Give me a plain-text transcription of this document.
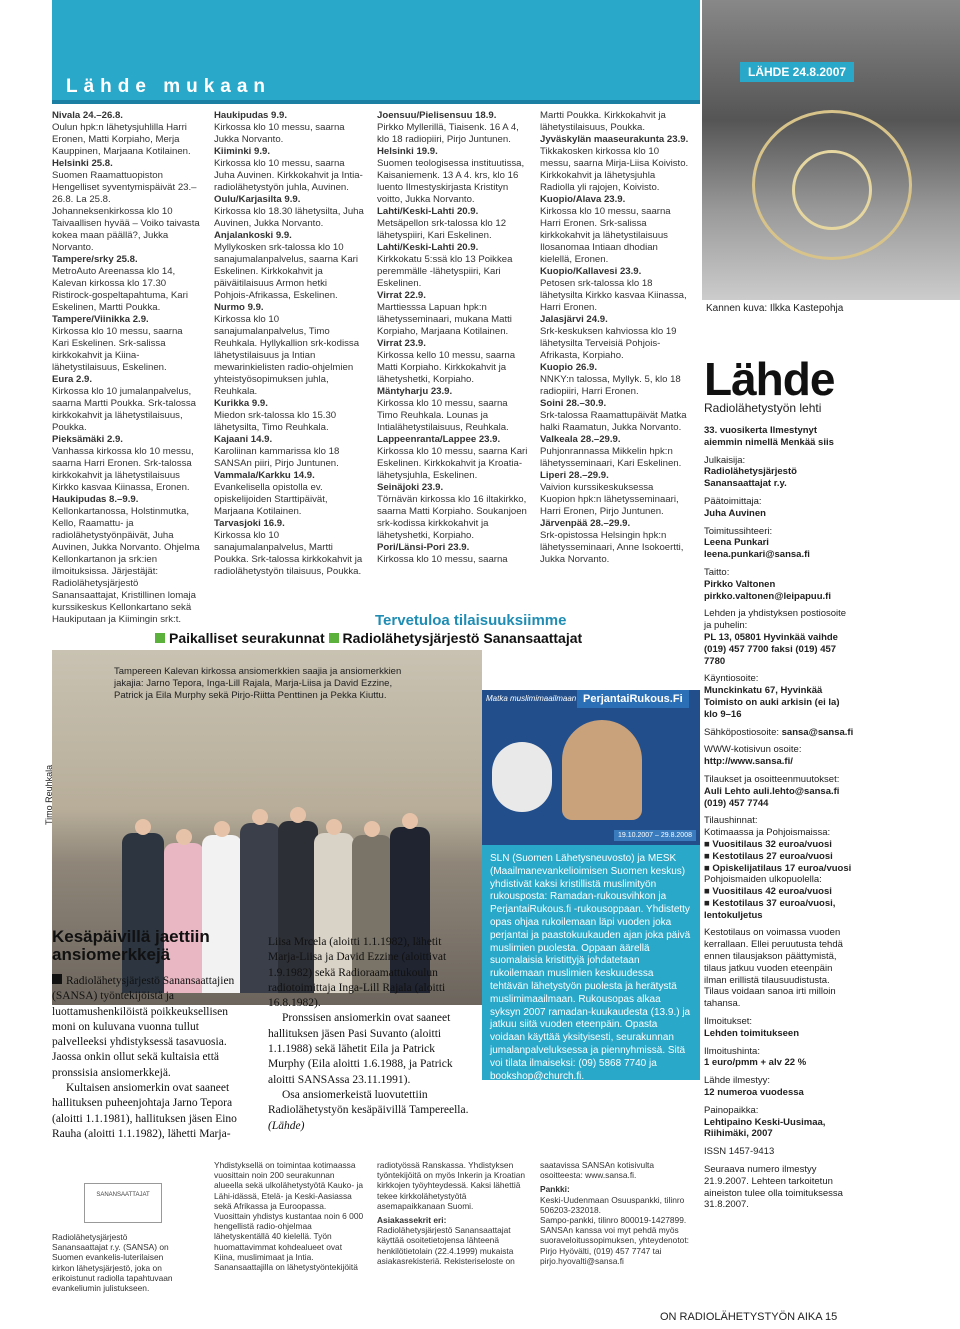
Lähde mukaan
LÄHDE 24.8.2007

Nivala 24.–26.8.
Oulun hpk:n lähetysjuhlilla Harri Eronen, Matti Korpiaho, Merja Kauppinen, Marjaana Kotilainen.

Helsinki 25.8.
Suomen Raamattuopiston Hengelliset syventymispäivät 23.–26.8. La 25.8. Johanneksenkirkossa klo 10 Taivaallisen hyvää – Voiko taivasta kokea maan päällä?, Jukka Norvanto.

Tampere/srky 25.8.
MetroAuto Areenassa klo 14, Kalevan kirkossa klo 17.30 Ristirock-gospeltapahtuma, Kari Eskelinen, Martti Poukka.

Tampere/Viinikka 2.9.
Kirkossa klo 10 messu, saarna Kari Eskelinen. Srk-salissa kirkkokahvit ja Kiina-lähetystilaisuus, Eskelinen.

Eura 2.9.
Kirkossa klo 10 jumalanpalvelus, saarna Martti Poukka. Srk-talossa kirkkokahvit ja lähetystilaisuus, Poukka.

Pieksämäki 2.9.
Vanhassa kirkossa klo 10 messu, saarna Harri Eronen. Srk-talossa kirkkokahvit ja lähetystilaisuus Kirkko kasvaa Kiinassa, Eronen.

Haukipudas 8.–9.9.
Kellonkartanossa, Holstinmutka, Kello, Raamattu- ja radiolähetystyönpäivät, Juha Auvinen, Jukka Norvanto. Ohjelma Kellonkartanon ja srk:ien ilmoituksissa. Järjestäjät: Radiolähetysjärjestö Sanansaattajat, Kristillinen lomaja kurssikeskus Kellonkartano sekä Haukiputaan ja Kiimingin srk:t.

Haukipudas 9.9.
Kirkossa klo 10 messu, saarna Jukka Norvanto.

Kiiminki 9.9.
Kirkossa klo 10 messu, saarna Juha Auvinen. Kirkkokahvit ja Intia-radiolähetystyön juhla, Auvinen.

Oulu/Karjasilta 9.9.
Kirkossa klo 18.30 lähetysilta, Juha Auvinen, Jukka Norvanto.

Anjalankoski 9.9.
Myllykosken srk-talossa klo 10 sanajumalanpalvelus, saarna Kari Eskelinen. Kirkkokahvit ja päiväitilaisuus Armon hetki Pohjois-Afrikassa, Eskelinen.

Nurmo 9.9.
Kirkossa klo 10 sanajumalanpalvelus, Timo Reuhkala. Hyllykallion srk-kodissa lähetystilaisuus ja Intian mewarinkielisten radio-ohjelmien yhteistyösopimuksen juhla, Reuhkala.

Kurikka 9.9.
Miedon srk-talossa klo 15.30 lähetysilta, Timo Reuhkala.

Kajaani 14.9.
Karoliinan kammarissa klo 18 SANSAn piiri, Pirjo Juntunen.

Vammala/Karkku 14.9.
Evankelisella opistolla ev. opiskelijoiden Starttipäivät, Marjaana Kotilainen.

Tarvasjoki 16.9.
Kirkossa klo 10 sanajumalanpalvelus, Martti Poukka. Srk-talossa kirkkokahvit ja radiolähetystyön tilaisuus, Poukka.

Joensuu/Pielisensuu 18.9.
Pirkko Myllerillä, Tiaisenk. 16 A 4, klo 18 radiopiiri, Pirjo Juntunen.

Helsinki 19.9.
Suomen teologisessa instituutissa, Kaisaniemenk. 13 A 4. krs, klo 16 luento Ilmestyskirjasta Kristityn voitto, Jukka Norvanto.

Lahti/Keski-Lahti 20.9.
Metsäpellon srk-talossa klo 12 lähetyspiiri, Kari Eskelinen.

Lahti/Keski-Lahti 20.9.
Kirkkokatu 5:ssä klo 13 Poikkea peremmälle -lähetyspiiri, Kari Eskelinen.

Virrat 22.9.
Marttiesssa Lapuan hpk:n lähetysseminaari, mukana Matti Korpiaho, Marjaana Kotilainen.

Virrat 23.9.
Kirkossa kello 10 messu, saarna Matti Korpiaho. Kirkkokahvit ja lähetyshetki, Korpiaho.

Mäntyharju 23.9.
Kirkossa klo 10 messu, saarna Timo Reuhkala. Lounas ja Intialähetystilaisuus, Reuhkala.

Lappeenranta/Lappee 23.9.
Kirkossa klo 10 messu, saarna Kari Eskelinen. Kirkkokahvit ja Kroatia-lähetysjuhla, Eskelinen.

Seinäjoki 23.9.
Törnävän kirkossa klo 16 iltakirkko, saarna Matti Korpiaho. Soukanjoen srk-kodissa kirkkokahvit ja lähetyshetki, Korpiaho.

Pori/Länsi-Pori 23.9.
Kirkossa klo 10 messu, saarna

Martti Poukka. Kirkkokahvit ja lähetystilaisuus, Poukka.

Jyväskylän maaseurakunta 23.9.
Tikkakosken kirkossa klo 10 messu, saarna Mirja-Liisa Koivisto. Kirkkokahvit ja lähetysjuhla Radiolla yli rajojen, Koivisto.

Kuopio/Alava 23.9.
Kirkossa klo 10 messu, saarna Harri Eronen. Srk-salissa kirkkokahvit ja lähetystilaisuus Ilosanomaa Intiaan dhodian kielellä, Eronen.

Kuopio/Kallavesi 23.9.
Petosen srk-talossa klo 18 lähetysilta Kirkko kasvaa Kiinassa, Harri Eronen.

Jalasjärvi 24.9.
Srk-keskuksen kahviossa klo 19 lähetysilta Terveisiä Pohjois-Afrikasta, Korpiaho.

Kuopio 26.9.
NNKY:n talossa, Myllyk. 5, klo 18 radiopiiri, Harri Eronen.

Soini 28.–30.9.
Srk-talossa Raamattupäivät Matka halki Raamatun, Jukka Norvanto.

Valkeala 28.–29.9.
Puhjonrannassa Mikkelin hpk:n lähetysseminaari, Kari Eskelinen.

Liperi 28.–29.9.
Vaivion kurssikeskuksessa Kuopion hpk:n lähetysseminaari, Harri Eronen, Pirjo Juntunen.

Järvenpää 28.–29.9.
Srk-opistossa Helsingin hpk:n lähetysseminaari, Anne Isokoertti, Jukka Norvanto.

Tervetuloa tilaisuuksiimme
Paikalliset seurakunnat Radiolähetysjärjestö Sanansaattajat
Tampereen Kalevan kirkossa ansiomerkkien saajia ja ansiomerkkien jakajia: Jarno Tepora, Inga-Lill Rajala, Marja-Liisa ja David Ezzine, Patrick ja Eila Murphy sekä Pirjo-Riitta Penttinen ja Pekka Kiuttu.
Timo Reuhkala
Matka muslimimaailmaan PerjantaiRukous.Fi
19.10.2007 – 29.8.2008
SLN (Suomen Lähetysneuvosto) ja MESK (Maailmanevankelioimisen Suomen keskus) yhdistivät kaksi kristillistä muslimityön rukousposta: Ramadan-rukousvihkon ja PerjantaiRukous.fi -rukousoppaan. Yhdistetty opas ohjaa rukoilemaan läpi vuoden joka perjantai ja paastokuukauden ajan joka päivä muslimien puolesta. Oppaan äärellä suomalaisia kristittyjä johdatetaan rukoilemaan muslimien keskuudessa tehtävän lähetystyön puolesta ja herätystä muslimimaailmaan. Rukousopas alkaa syksyn 2007 ramadan-kuukaudesta (13.9.) ja jatkuu siitä vuoden eteenpäin. Opasta voidaan käyttää yksityisesti, seurakunnan jumalanpalveluksessa ja piennyhmissä. Sitä voi tilata ilmaiseksi: (09) 5868 7740 ja bookshop@church.fi.
Kesäpäivillä jaettiin ansiomerkkejä

Radiolähetysjärjestö Sanansaattajien (SANSA) työntekijöistä ja luottamushenkilöistä poikkeuksellisen moni on kuluvana vuonna tullut palvelleeksi yhdistyksessä tasavuosia. Jaossa onkin ollut sekä kultaisia että pronssisia ansiomerkkejä.

Kultaisen ansiomerkin ovat saaneet hallituksen puheenjohtaja Jarno Tepora (aloitti 1.1.1981), hallituksen jäsen Eino Rauha (aloitti 1.1.1982), lähetti Marja-

Liisa Mrcela (aloitti 1.1.1982), lähetit Marja-Liisa ja David Ezzine (aloittivat 1.9.1982) sekä Radioraamattukoulun radiotoimittaja Inga-Lill Rajala (aloitti 16.8.1982).

Pronssisen ansiomerkin ovat saaneet hallituksen jäsen Pasi Suvanto (aloitti 1.1.1988) sekä lähetit Eila ja Patrick Murphy (Eila aloitti 1.6.1988, ja Patrick aloitti SANSAssa 23.11.1991).

Osa ansiomerkeistä luovutettiin Radiolähetystyön kesäpäivillä Tampereella.

(Lähde)

Kannen kuva: Ilkka Kastepohja
Lähde
Radiolähetystyön lehti
33. vuosikerta Ilmestynyt aiemmin nimellä Menkää siis
Julkaisija:
Radiolähetysjärjestö Sanansaattajat r.y.
Päätoimittaja:
Juha Auvinen
Toimitussihteeri:
Leena Punkari leena.punkari@sansa.fi
Taitto:
Pirkko Valtonen pirkko.valtonen@leipapuu.fi
Lehden ja yhdistyksen postiosoite ja puhelin:
PL 13, 05801 Hyvinkää vaihde (019) 457 7700 faksi (019) 457 7780
Käyntiosoite:
Munckinkatu 67, Hyvinkää Toimisto on auki arkisin (ei la) klo 9–16
Sähköpostiosoite: sansa@sansa.fi
WWW-kotisivun osoite:
http://www.sansa.fi/
Tilaukset ja osoitteenmuutokset:
Auli Lehto auli.lehto@sansa.fi (019) 457 7744
Tilaushinnat:
Kotimaassa ja Pohjoismaissa:
■ Vuositilaus 32 euroa/vuosi
■ Kestotilaus 27 euroa/vuosi
■ Opiskelijatilaus 17 euroa/vuosi
Pohjoismaiden ulkopuolella:
■ Vuositilaus 42 euroa/vuosi
■ Kestotilaus 37 euroa/vuosi, lentokuljetus
Kestotilaus on voimassa vuoden kerrallaan. Ellei peruutusta tehdä ennen tilausjakson päättymistä, tilaus jatkuu vuoden eteenpäin ilman erillistä tilausuudistusta. Tilaus voidaan sanoa irti milloin tahansa.
Ilmoitukset:
Lehden toimitukseen
Ilmoitushinta:
1 euro/pmm + alv 22 %
Lähde ilmestyy:
12 numeroa vuodessa
Painopaikka:
Lehtipaino Keski-Uusimaa, Riihimäki, 2007
ISSN 1457-9413
Seuraava numero ilmestyy 21.9.2007. Lehteen tarkoitetun aineiston tulee olla toimituksessa 31.8.2007.
SANANSAATTAJAT
Radiolähetysjärjestö Sanansaattajat r.y. (SANSA) on Suomen evankelis-luterilaisen kirkon lähetysjärjestö, joka on erikoistunut radiolla tapahtuvaan evankeliumin julistukseen.
Yhdistyksellä on toimintaa kotimaassa vuosittain noin 200 seurakunnan alueella sekä ulkolähetystyötä Kauko- ja Lähi-idässä, Etelä- ja Keski-Aasiassa sekä Afrikassa ja Euroopassa. Vuosittain yhdistys kustantaa noin 6 000 hengellistä radio-ohjelmaa lähetyskentällä 40 kielellä. Työn huomattavimmat kohdealueet ovat Kiina, muslimimaat ja Intia. Sanansaattajilla on lähetystyöntekijöitä
radiotyössä Ranskassa. Yhdistyksen työntekijöitä on myös Inkerin ja Kroatian kirkkojen työyhteydessä. Kaksi lähettiä tekee kirkkolähetystyötä asemapaikkanaan Suomi.
Asiakassekrit eri:
Radiolähetysjärjestö Sanansaattajat käyttää osoitetietojensa lähteenä henkilötietolain (22.4.1999) mukaista asiakasrekisteriä. Rekisteriseloste on
saatavissa SANSAn kotisivulta osoitteesta: www.sansa.fi.
Pankki:
Keski-Uudenmaan Osuuspankki, tilinro 506203-232018.
Sampo-pankki, tilinro 800019-1427899.
SANSAn kanssa voi myt pehdä myös suoraveloitussopimuksen, yhteydenotot: Pirjo Hyövälti, (019) 457 7747 tai pirjo.hyovalti@sansa.fi
ON RADIOLÄHETYSTYÖN AIKA 15
